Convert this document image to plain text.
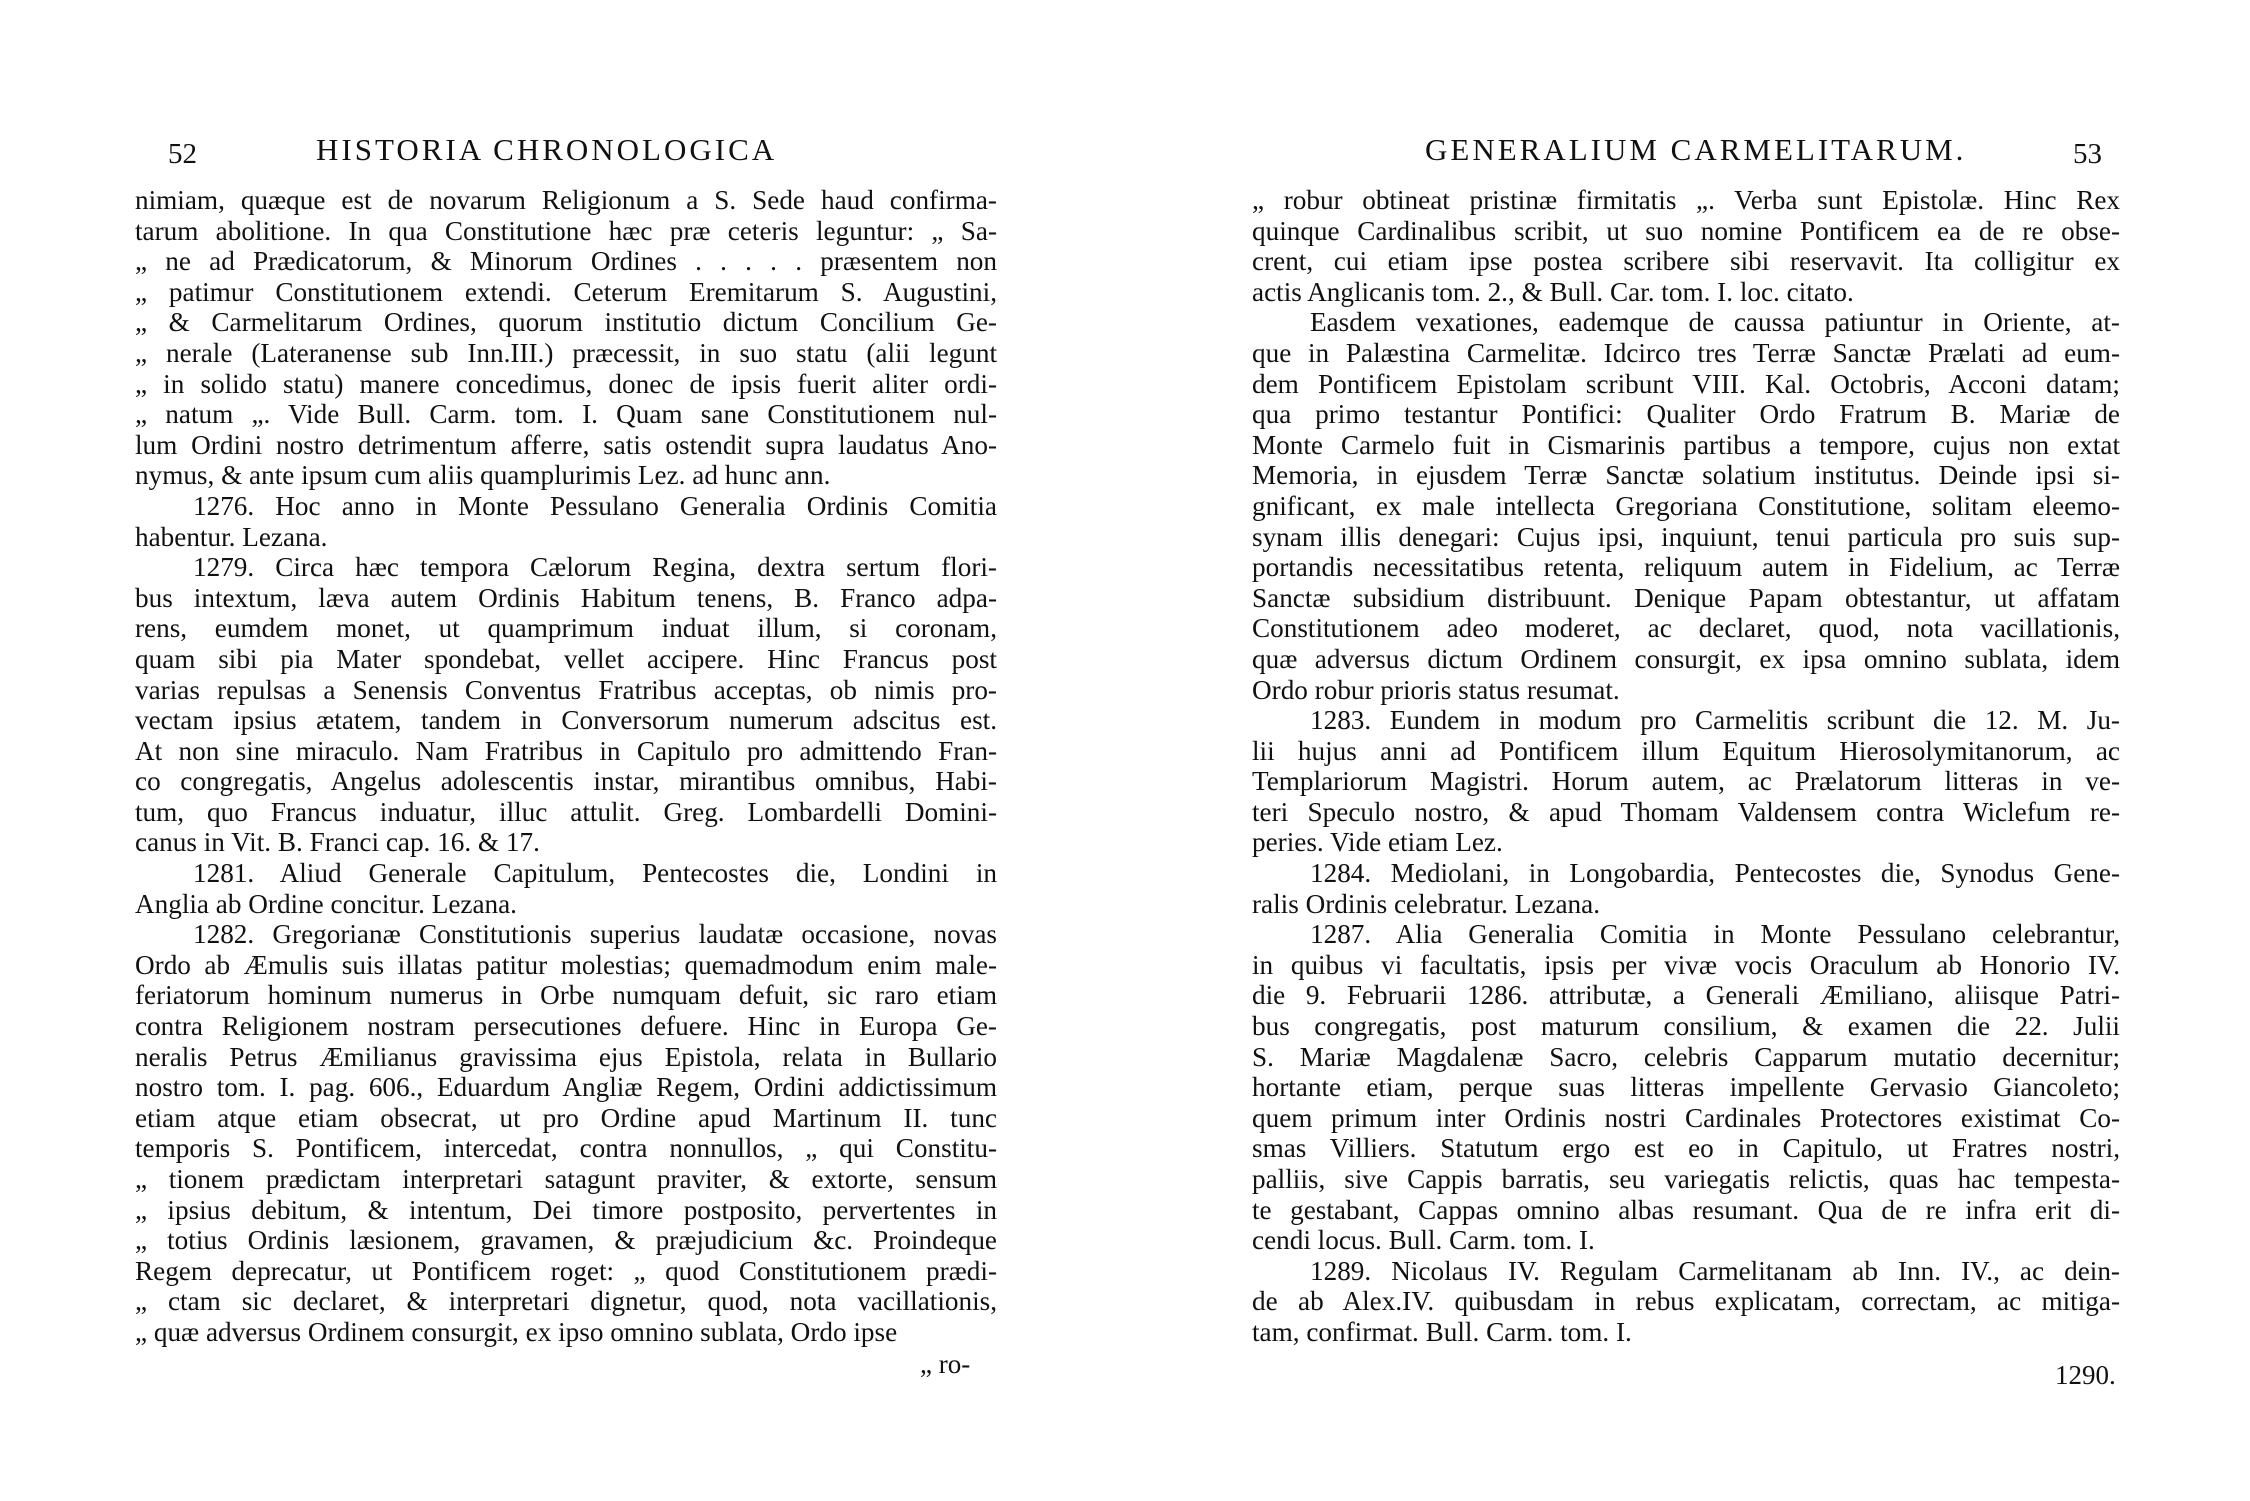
52	HISTORIA CHRONOLOGICA
nimiam, quæque est de novarum Religionum a S. Sede haud confirma-
tarum abolitione. In qua Constitutione hæc præ ceteris leguntur: „ Sa-
„ ne ad Prædicatorum, & Minorum Ordines . . . . . præsentem non
„ patimur Constitutionem extendi. Ceterum Eremitarum S. Augustini,
„ & Carmelitarum Ordines, quorum institutio dictum Concilium Ge-
„ nerale (Lateranense sub Inn.III.) præcessit, in suo statu (alii legunt
„ in solido statu) manere concedimus, donec de ipsis fuerit aliter ordi-
„ natum „. Vide Bull. Carm. tom. I. Quam sane Constitutionem nul-
lum Ordini nostro detrimentum afferre, satis ostendit supra laudatus Ano-
nymus, & ante ipsum cum aliis quamplurimis Lez. ad hunc ann.
1276. Hoc anno in Monte Pessulano Generalia Ordinis Comitia
habentur. Lezana.
1279. Circa hæc tempora Cælorum Regina, dextra sertum flori-
bus intextum, læva autem Ordinis Habitum tenens, B. Franco adpa-
rens, eumdem monet, ut quamprimum induat illum, si coronam,
quam sibi pia Mater spondebat, vellet accipere. Hinc Francus post
varias repulsas a Senensis Conventus Fratribus acceptas, ob nimis pro-
vectam ipsius ætatem, tandem in Conversorum numerum adscitus est.
At non sine miraculo. Nam Fratribus in Capitulo pro admittendo Fran-
co congregatis, Angelus adolescentis instar, mirantibus omnibus, Habi-
tum, quo Francus induatur, illuc attulit. Greg. Lombardelli Domini-
canus in Vit. B. Franci cap. 16. & 17.
1281. Aliud Generale Capitulum, Pentecostes die, Londini in
Anglia ab Ordine concitur. Lezana.
1282. Gregorianæ Constitutionis superius laudatæ occasione, novas
Ordo ab Æmulis suis illatas patitur molestias; quemadmodum enim male-
feriatorum hominum numerus in Orbe numquam defuit, sic raro etiam
contra Religionem nostram persecutiones defuere. Hinc in Europa Ge-
neralis Petrus Æmilianus gravissima ejus Epistola, relata in Bullario
nostro tom. I. pag. 606., Eduardum Angliæ Regem, Ordini addictissimum
etiam atque etiam obsecrat, ut pro Ordine apud Martinum II. tunc
temporis S. Pontificem, intercedat, contra nonnullos, „ qui Constitu-
„ tionem prædictam interpretari satagunt praviter, & extorte, sensum
„ ipsius debitum, & intentum, Dei timore postposito, pervertentes in
„ totius Ordinis læsionem, gravamen, & præjudicium &c. Proindeque
Regem deprecatur, ut Pontificem roget: „ quod Constitutionem prædi-
„ ctam sic declaret, & interpretari dignetur, quod, nota vacillationis,
„ quæ adversus Ordinem consurgit, ex ipso omnino sublata, Ordo ipse
„ ro-
GENERALIUM CARMELITARUM.	53
„ robur obtineat pristinæ firmitatis „. Verba sunt Epistolæ. Hinc Rex
quinque Cardinalibus scribit, ut suo nomine Pontificem ea de re obse-
crent, cui etiam ipse postea scribere sibi reservavit. Ita colligitur ex
actis Anglicanis tom. 2., & Bull. Car. tom. I. loc. citato.
Easdem vexationes, eademque de caussa patiuntur in Oriente, at-
que in Palæstina Carmelitæ. Idcirco tres Terræ Sanctæ Prælati ad eum-
dem Pontificem Epistolam scribunt VIII. Kal. Octobris, Acconi datam;
qua primo testantur Pontifici: Qualiter Ordo Fratrum B. Mariæ de
Monte Carmelo fuit in Cismarinis partibus a tempore, cujus non extat
Memoria, in ejusdem Terræ Sanctæ solatium institutus. Deinde ipsi si-
gnificant, ex male intellecta Gregoriana Constitutione, solitam eleemo-
synam illis denegari: Cujus ipsi, inquiunt, tenui particula pro suis sup-
portandis necessitatibus retenta, reliquum autem in Fidelium, ac Terræ
Sanctæ subsidium distribuunt. Denique Papam obtestantur, ut affatam
Constitutionem adeo moderet, ac declaret, quod, nota vacillationis,
quæ adversus dictum Ordinem consurgit, ex ipsa omnino sublata, idem
Ordo robur prioris status resumat.
1283. Eundem in modum pro Carmelitis scribunt die 12. M. Ju-
lii hujus anni ad Pontificem illum Equitum Hierosolymitanorum, ac
Templariorum Magistri. Horum autem, ac Prælatorum litteras in ve-
teri Speculo nostro, & apud Thomam Valdensem contra Wiclefum re-
peries. Vide etiam Lez.
1284. Mediolani, in Longobardia, Pentecostes die, Synodus Gene-
ralis Ordinis celebratur. Lezana.
1287. Alia Generalia Comitia in Monte Pessulano celebrantur,
in quibus vi facultatis, ipsis per vivæ vocis Oraculum ab Honorio IV.
die 9. Februarii 1286. attributæ, a Generali Æmiliano, aliisque Patri-
bus congregatis, post maturum consilium, & examen die 22. Julii
S. Mariæ Magdalenæ Sacro, celebris Capparum mutatio decernitur;
hortante etiam, perque suas litteras impellente Gervasio Giancoleto;
quem primum inter Ordinis nostri Cardinales Protectores existimat Co-
smas Villiers. Statutum ergo est eo in Capitulo, ut Fratres nostri,
palliis, sive Cappis barratis, seu variegatis relictis, quas hac tempesta-
te gestabant, Cappas omnino albas resumant. Qua de re infra erit di-
cendi locus. Bull. Carm. tom. I.
1289. Nicolaus IV. Regulam Carmelitanam ab Inn. IV., ac dein-
de ab Alex.IV. quibusdam in rebus explicatam, correctam, ac mitiga-
tam, confirmat. Bull. Carm. tom. I.
1290.
